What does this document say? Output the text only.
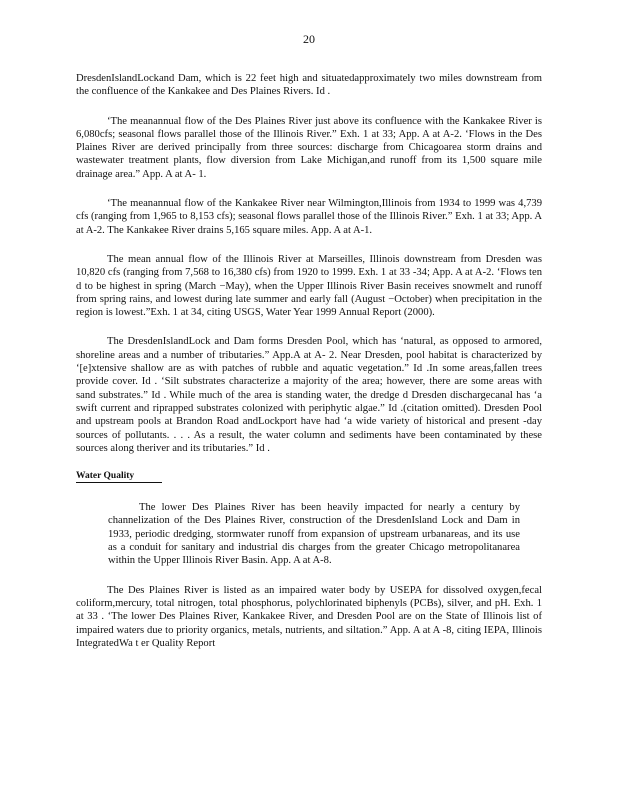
20

DresdenIslandLockand Dam, which is 22 feet high and situatedapproximately two miles downstream from the confluence of the Kankakee and Des Plaines Rivers. Id .

‘The meanannual flow of the Des Plaines River just above its confluence with the Kankakee River is 6,080cfs; seasonal flows parallel those of the Illinois River.” Exh. 1 at 33; App. A at A-2. ‘Flows in the Des Plaines River are derived principally from three sources: discharge from Chicagoarea storm drains and wastewater treatment plants, flow diversion from Lake Michigan,and runoff from its 1,500 square mile drainage area.” App. A at A- 1.

‘The meanannual flow of the Kankakee River near Wilmington,Illinois from 1934 to 1999 was 4,739 cfs (ranging from 1,965 to 8,153 cfs); seasonal flows parallel those of the Illinois River.” Exh. 1 at 33; App. A at A-2. The Kankakee River drains 5,165 square miles. App. A at A-1.

The mean annual flow of the Illinois River at Marseilles, Illinois downstream from Dresden was 10,820 cfs (ranging from 7,568 to 16,380 cfs) from 1920 to 1999. Exh. 1 at 33 -34; App. A at A-2. ‘Flows ten d to be highest in spring (March −May), when the Upper Illinois River Basin receives snowmelt and runoff from spring rains, and lowest during late summer and early fall (August −October) when precipitation in the region is lowest.”Exh. 1 at 34, citing USGS, Water Year 1999 Annual Report (2000).

The DresdenIslandLock and Dam forms Dresden Pool, which has ‘natural, as opposed to armored, shoreline areas and a number of tributaries.” App.A at A- 2. Near Dresden, pool habitat is characterized by ‘[e]xtensive shallow are as with patches of rubble and aquatic vegetation.” Id .In some areas,fallen trees provide cover. Id . ‘Silt substrates characterize a majority of the area; however, there are some areas with sand substrates.” Id . While much of the area is standing water, the dredge d Dresden dischargecanal has ‘a swift current and riprapped substrates colonized with periphytic algae.” Id .(citation omitted). Dresden Pool and upstream pools at Brandon Road andLockport have had ‘a wide variety of historical and present -day sources of pollutants. . . . As a result, the water column and sediments have been contaminated by these sources along theriver and its tributaries.” Id .

Water Quality

The lower Des Plaines River has been heavily impacted for nearly a century by channelization of the Des Plaines River, construction of the DresdenIsland Lock and Dam in 1933, periodic dredging, stormwater runoff from expansion of upstream urbanareas, and its use as a conduit for sanitary and industrial dis charges from the greater Chicago metropolitanarea within the Upper Illinois River Basin. App. A at A-8.

The Des Plaines River is listed as an impaired water body by USEPA for dissolved oxygen,fecal coliform,mercury, total nitrogen, total phosphorus, polychlorinated biphenyls (PCBs), silver, and pH. Exh. 1 at 33 . ‘The lower Des Plaines River, Kankakee River, and Dresden Pool are on the State of Illinois list of impaired waters due to priority organics, metals, nutrients, and siltation.” App. A at A -8, citing IEPA, Illinois IntegratedWa t er Quality Report
